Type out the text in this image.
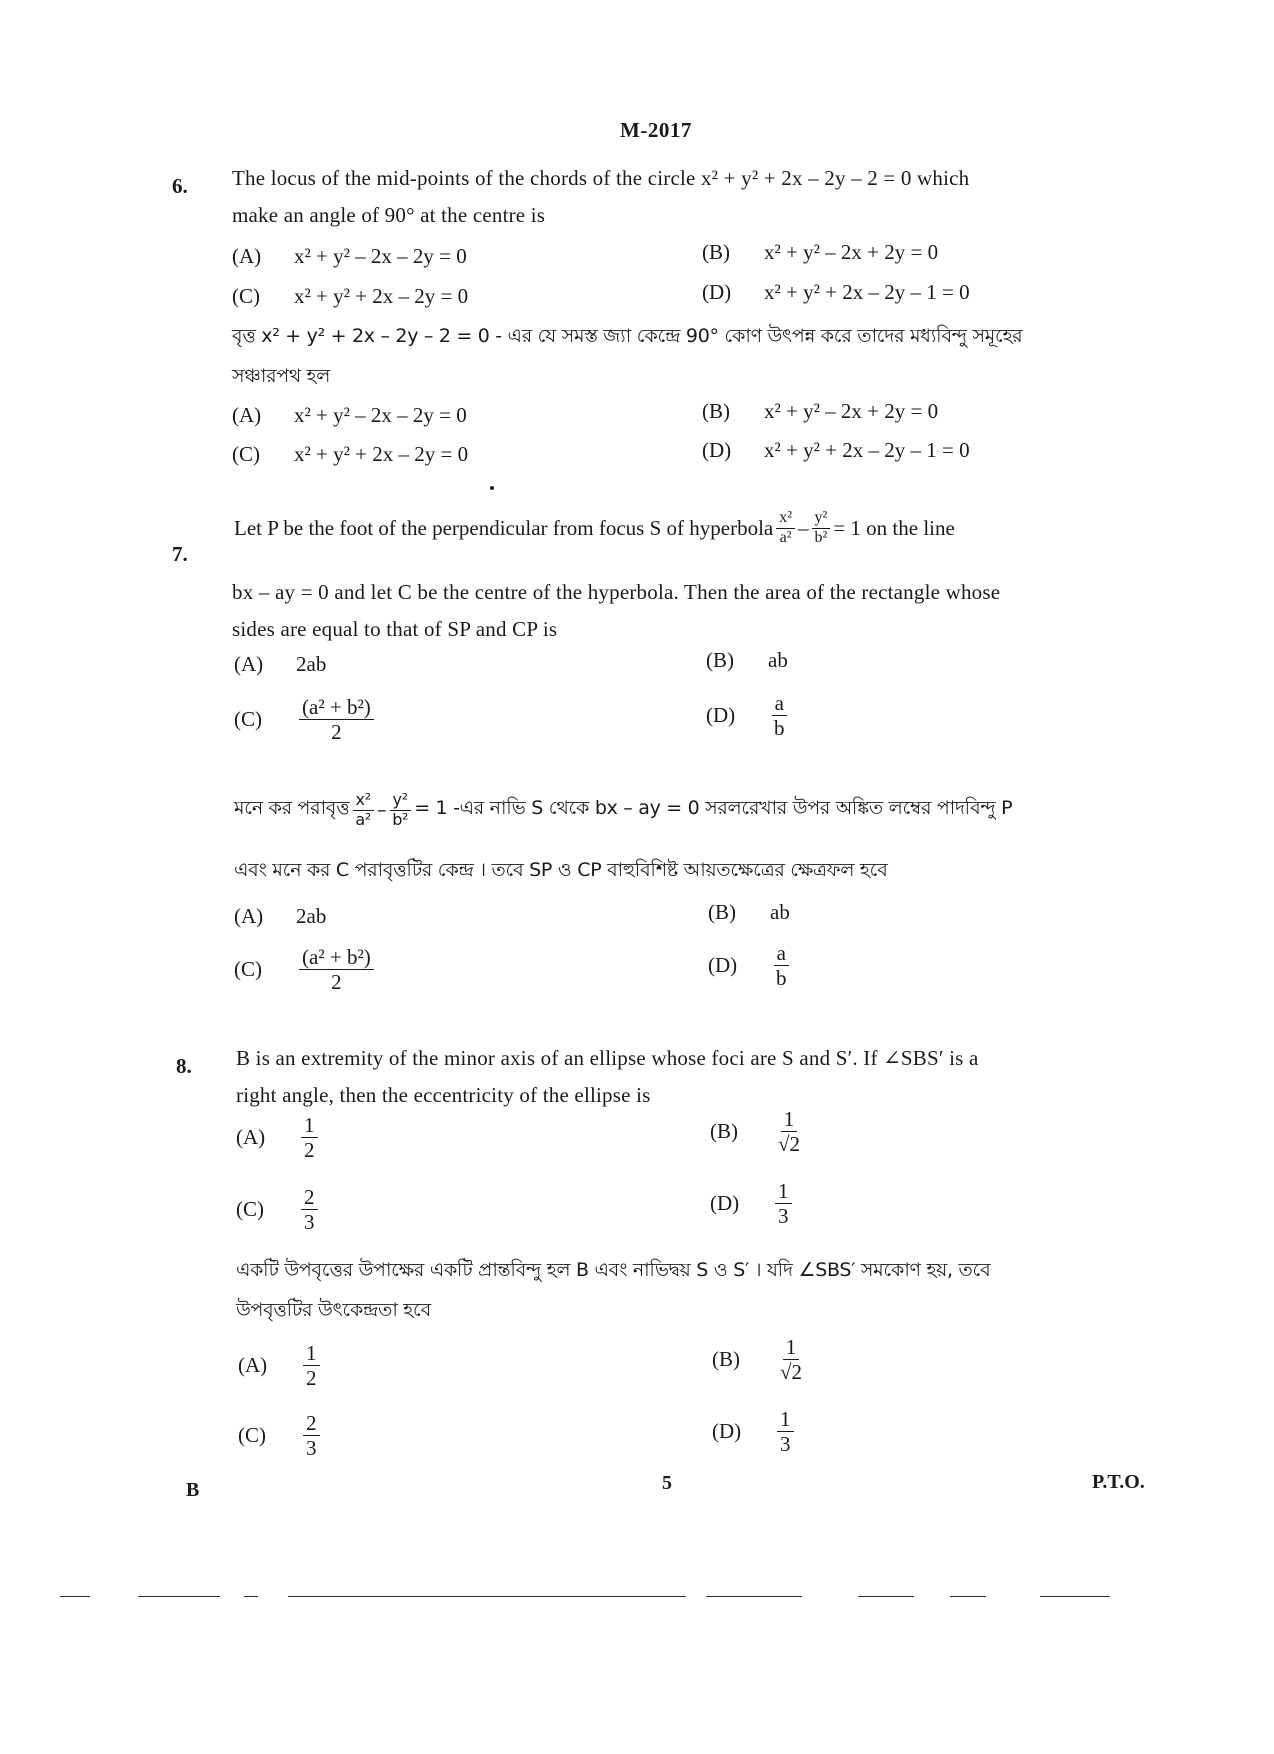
M-2017
6. The locus of the mid-points of the chords of the circle x² + y² + 2x – 2y – 2 = 0 which
make an angle of 90° at the centre is
(A)	x² + y² – 2x – 2y = 0	(B)	x² + y² – 2x + 2y = 0
(C)	x² + y² + 2x – 2y = 0	(D)	x² + y² + 2x – 2y – 1 = 0
বৃত্ত x² + y² + 2x – 2y – 2 = 0 - এর যে সমস্ত জ্যা কেন্দ্রে 90° কোণ উৎপন্ন করে তাদের মধ্যবিন্দু সমূহের
সঞ্চারপথ হল
(A)	x² + y² – 2x – 2y = 0	(B)	x² + y² – 2x + 2y = 0
(C)	x² + y² + 2x – 2y = 0	(D)	x² + y² + 2x – 2y – 1 = 0
7.
Let P be the foot of the perpendicular from focus S of hyperbola $\frac{\text{x²}}{\text{a²}} - \frac{\text{y²}}{\text{b²}} = 1$ on the line
bx – ay = 0 and let C be the centre of the hyperbola. Then the area of the rectangle whose
sides are equal to that of SP and CP is
(A)	2ab	(B)	ab
(C)	$\frac{\text{(a² + b²)}}{2}$	(D)	$\frac{a}{b}$
মনে কর পরাবৃত্ত $\frac{\text{x²}}{\text{a²}} - \frac{\text{y²}}{\text{b²}} = 1$ -এর নাভি S থেকে bx – ay = 0 সরলরেখার উপর অঙ্কিত লম্বের পাদবিন্দু P
এবং মনে কর C পরাবৃত্তটির কেন্দ্র । তবে SP ও CP বাহুবিশিষ্ট আয়তক্ষেত্রের ক্ষেত্রফল হবে
(A)	2ab	(B)	ab
(C)	$\frac{\text{(a² + b²)}}{2}$	(D)	$\frac{a}{b}$
8. B is an extremity of the minor axis of an ellipse whose foci are S and S′. If ∠SBS′ is a
right angle, then the eccentricity of the ellipse is
(A)	$\frac{1}{2}$	(B)	$\frac{1}{√2}$
(C)	$\frac{2}{3}$	(D)	$\frac{1}{3}$
একটি উপবৃত্তের উপাক্ষের একটি প্রান্তবিন্দু হল B এবং নাভিদ্বয় S ও S′ । যদি ∠SBS′ সমকোণ হয়, তবে
উপবৃত্তটির উৎকেন্দ্রতা হবে
(A)	$\frac{1}{2}$	(B)	$\frac{1}{√2}$
(C)	$\frac{2}{3}$	(D)	$\frac{1}{3}$
B	5	P.T.O.
